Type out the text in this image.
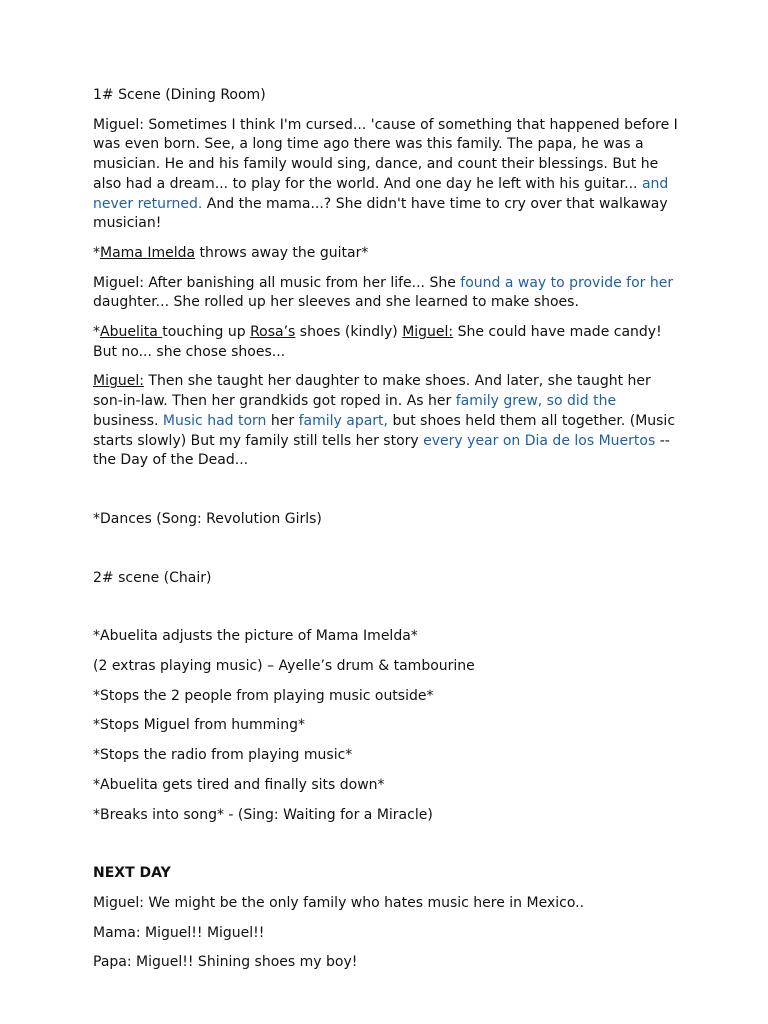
1# Scene (Dining Room)

Miguel: Sometimes I think I'm cursed... 'cause of something that happened before I was even born. See, a long time ago there was this family. The papa, he was a musician. He and his family would sing, dance, and count their blessings. But he also had a dream... to play for the world. And one day he left with his guitar... and never returned. And the mama...? She didn't have time to cry over that walkaway musician!

*Mama Imelda throws away the guitar*

Miguel: After banishing all music from her life... She found a way to provide for her daughter... She rolled up her sleeves and she learned to make shoes.

*Abuelita touching up Rosa’s shoes (kindly) Miguel: She could have made candy! But no... she chose shoes...

Miguel: Then she taught her daughter to make shoes. And later, she taught her son-in-law. Then her grandkids got roped in. As her family grew, so did the business. Music had torn her family apart, but shoes held them all together. (Music starts slowly) But my family still tells her story every year on Dia de los Muertos -- the Day of the Dead...

*Dances (Song: Revolution Girls)

2# scene (Chair)

*Abuelita adjusts the picture of Mama Imelda*

(2 extras playing music) – Ayelle’s drum & tambourine

*Stops the 2 people from playing music outside*

*Stops Miguel from humming*

*Stops the radio from playing music*

*Abuelita gets tired and finally sits down*

*Breaks into song* - (Sing: Waiting for a Miracle)

NEXT DAY

Miguel: We might be the only family who hates music here in Mexico..

Mama: Miguel!! Miguel!!

Papa: Miguel!! Shining shoes my boy!
